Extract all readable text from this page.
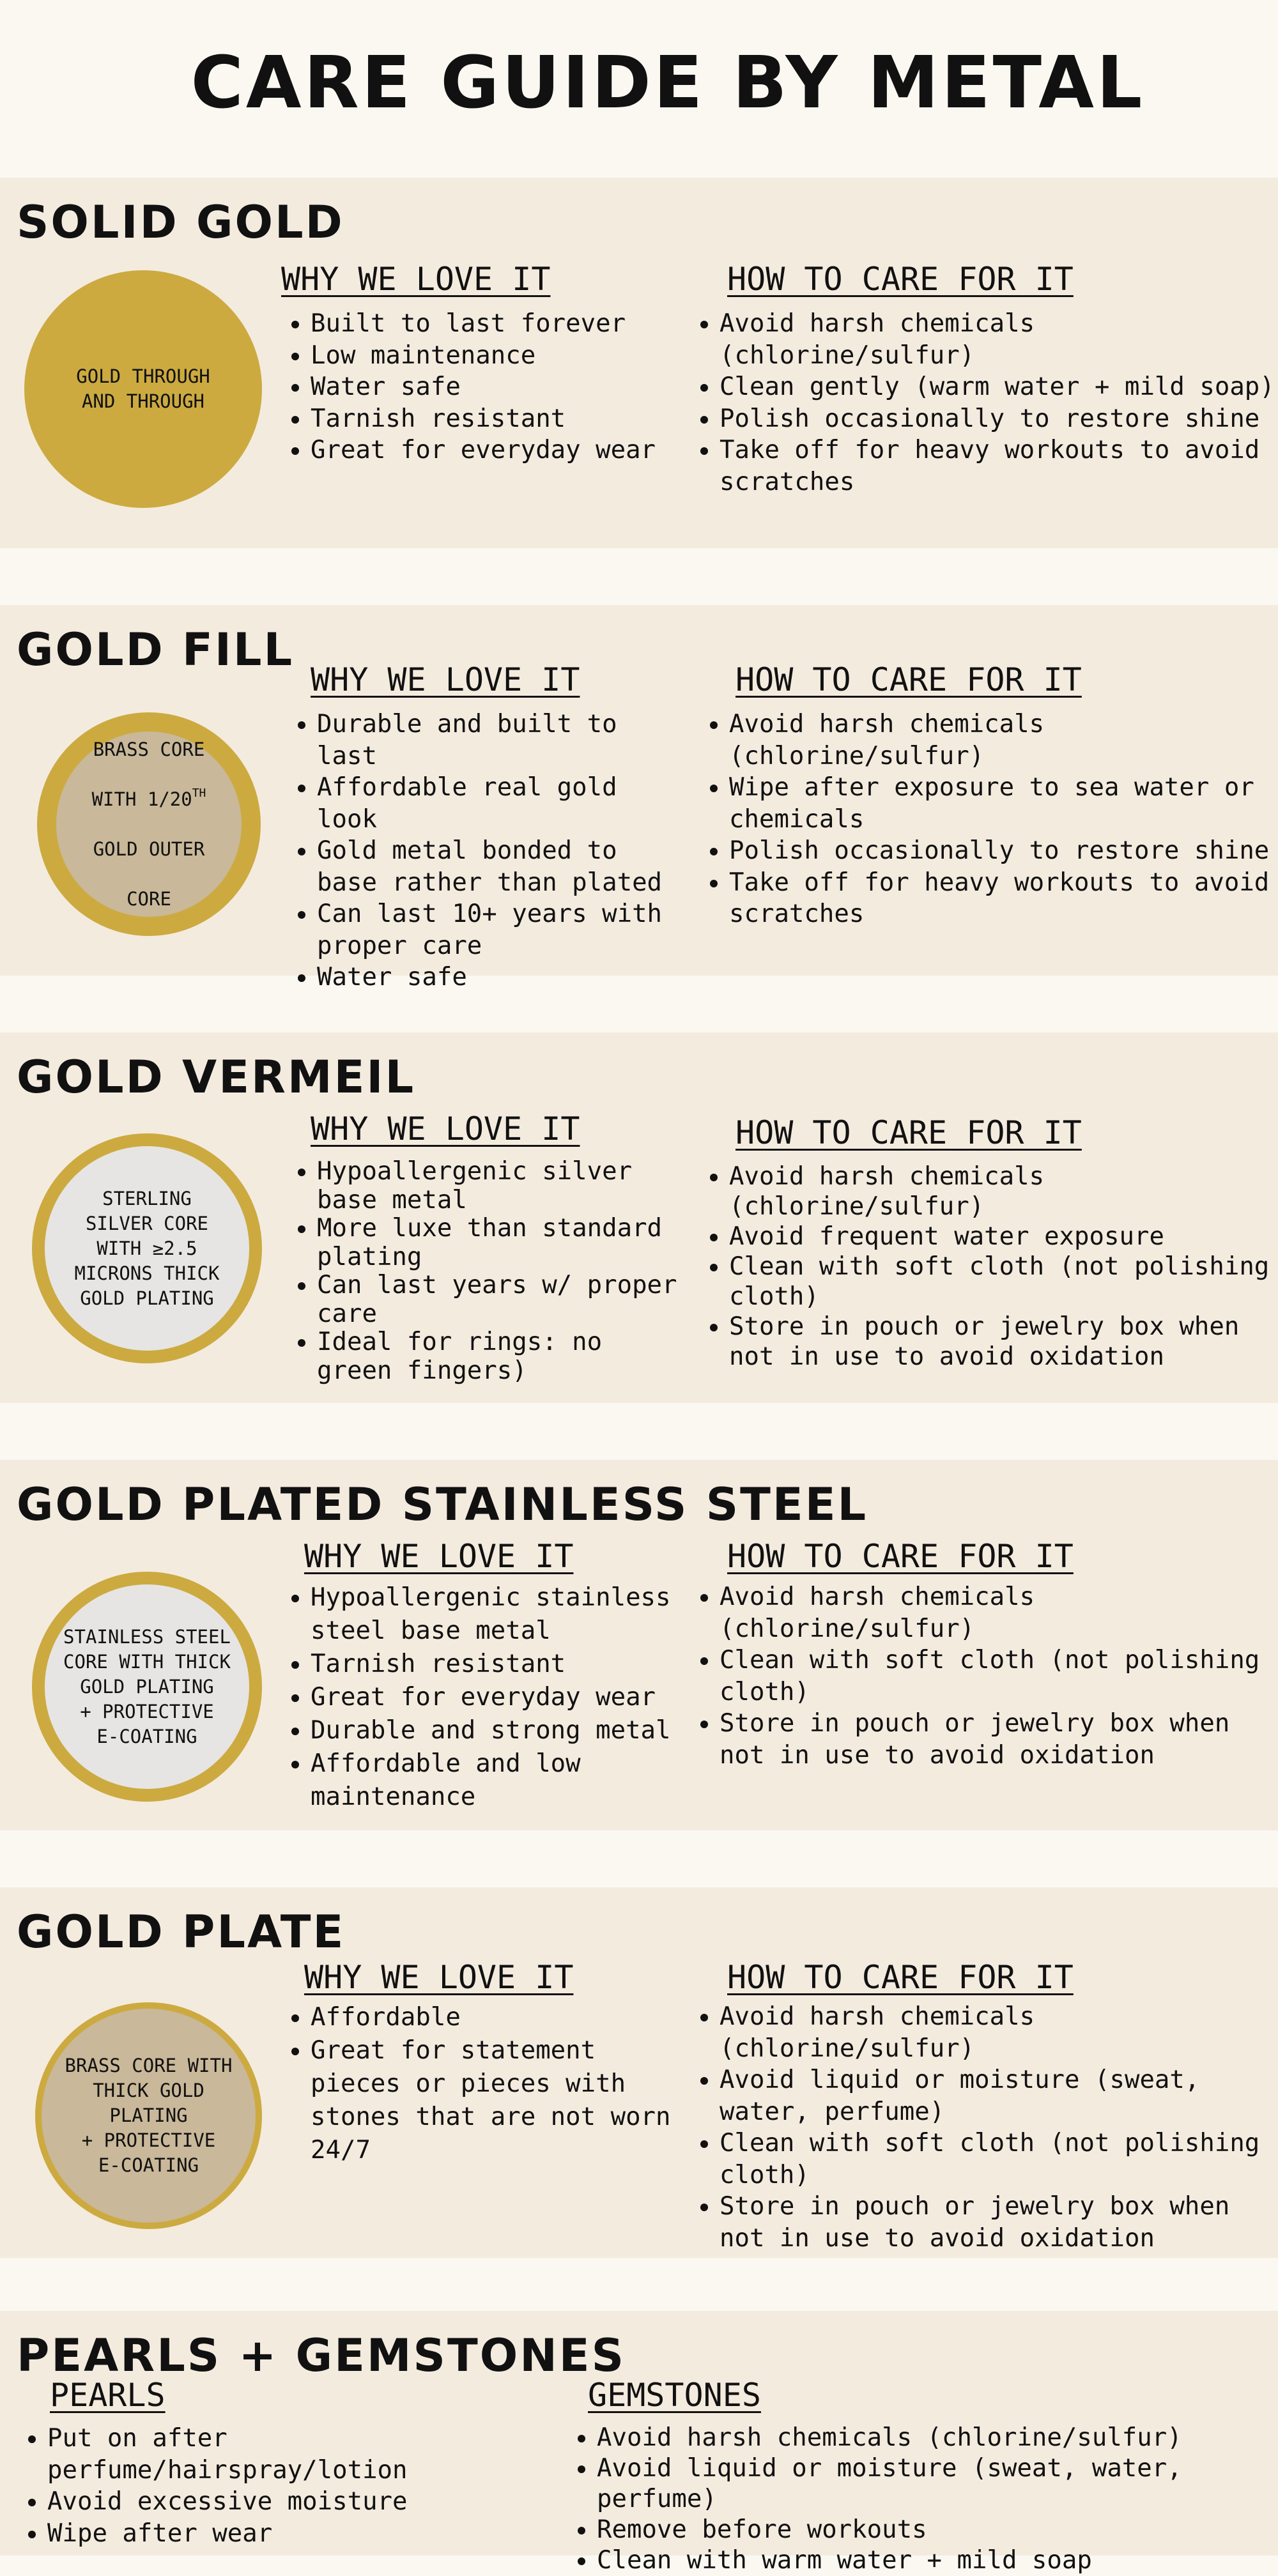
CARE GUIDE BY METAL
SOLID GOLD
GOLD THROUGH
AND THROUGH
WHY WE LOVE IT
• Built to last forever
• Low maintenance
• Water safe
• Tarnish resistant
• Great for everyday wear
HOW TO CARE FOR IT
• Avoid harsh chemicals (chlorine/sulfur)
• Clean gently (warm water + mild soap)
• Polish occasionally to restore shine
• Take off for heavy workouts to avoid scratches
GOLD FILL

BRASS CORE

WITH 1/20TH

GOLD OUTER

CORE

WHY WE LOVE IT
• Durable and built to last
• Affordable real gold look
• Gold metal bonded to base rather than plated
• Can last 10+ years with proper care
• Water safe
HOW TO CARE FOR IT
• Avoid harsh chemicals (chlorine/sulfur)
• Wipe after exposure to sea water or chemicals
• Polish occasionally to restore shine
• Take off for heavy workouts to avoid scratches
GOLD VERMEIL
STERLING
SILVER CORE
WITH ≥2.5
MICRONS THICK
GOLD PLATING
WHY WE LOVE IT
• Hypoallergenic silver base metal
• More luxe than standard plating
• Can last years w/ proper care
• Ideal for rings: no green fingers)
HOW TO CARE FOR IT
• Avoid harsh chemicals (chlorine/sulfur)
• Avoid frequent water exposure
• Clean with soft cloth (not polishing cloth)
• Store in pouch or jewelry box when not in use to avoid oxidation
GOLD PLATED STAINLESS STEEL
STAINLESS STEEL
CORE WITH THICK
GOLD PLATING
+ PROTECTIVE
E-COATING
WHY WE LOVE IT
• Hypoallergenic stainless steel base metal
• Tarnish resistant
• Great for everyday wear
• Durable and strong metal
• Affordable and low maintenance
HOW TO CARE FOR IT
• Avoid harsh chemicals (chlorine/sulfur)
• Clean with soft cloth (not polishing cloth)
• Store in pouch or jewelry box when not in use to avoid oxidation
GOLD PLATE
BRASS CORE WITH
THICK GOLD
PLATING
+ PROTECTIVE
E-COATING
WHY WE LOVE IT
• Affordable
• Great for statement pieces or pieces with stones that are not worn 24/7
HOW TO CARE FOR IT
• Avoid harsh chemicals (chlorine/sulfur)
• Avoid liquid or moisture (sweat, water, perfume)
• Clean with soft cloth (not polishing cloth)
• Store in pouch or jewelry box when not in use to avoid oxidation
PEARLS + GEMSTONES
PEARLS
• Put on after perfume/hairspray/lotion
• Avoid excessive moisture
• Wipe after wear
GEMSTONES
• Avoid harsh chemicals (chlorine/sulfur)
• Avoid liquid or moisture (sweat, water, perfume)
• Remove before workouts
• Clean with warm water + mild soap
